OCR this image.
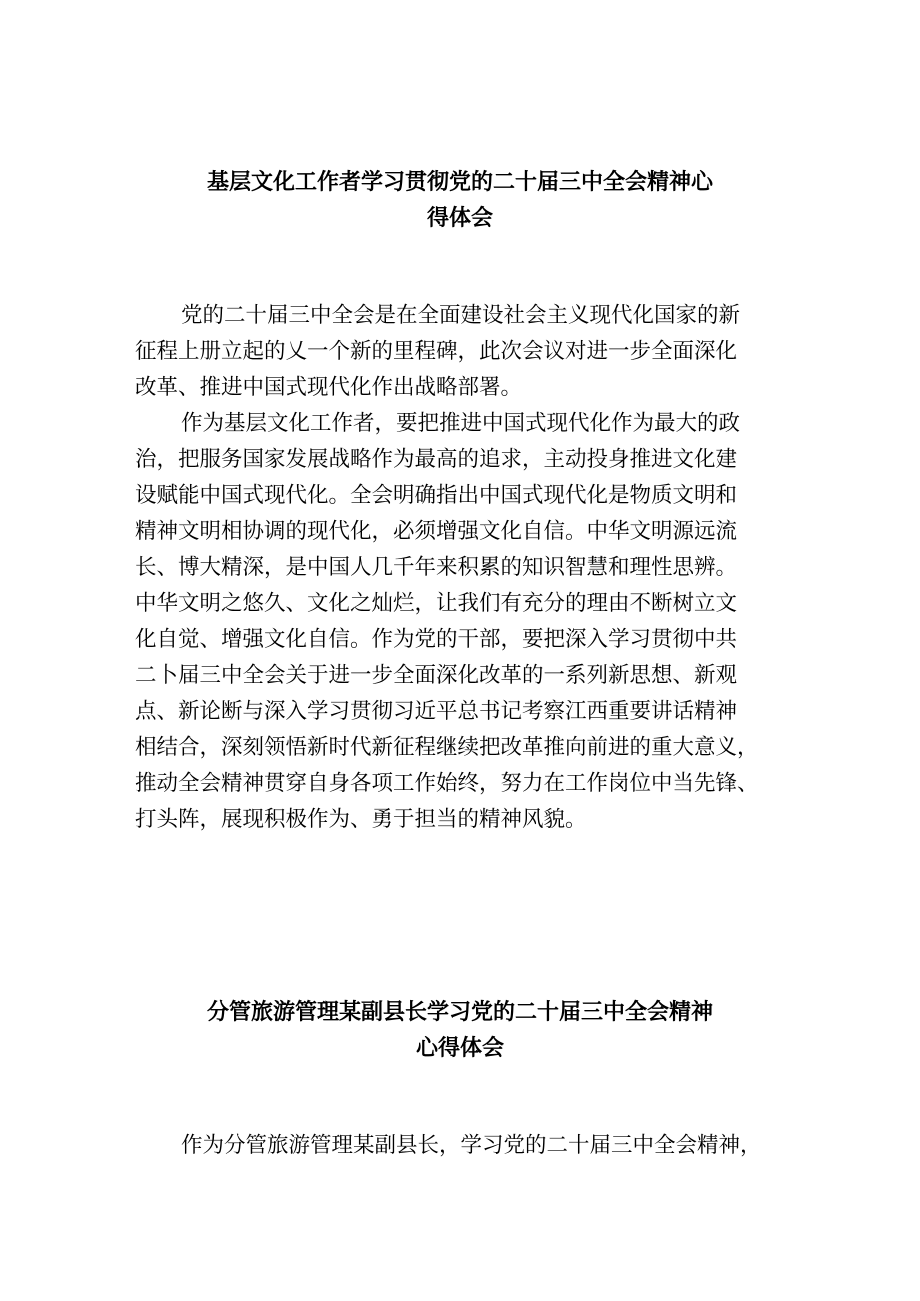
基层文化工作者学习贯彻党的二十届三中全会精神心
得体会

党的二十届三中全会是在全面建设社会主义现代化国家的新
征程上册立起的乂一个新的里程碑，此次会议对进一步全面深化
改革、推进中国式现代化作出战略部署。

作为基层文化工作者，要把推进中国式现代化作为最大的政
治，把服务国家发展战略作为最高的追求，主动投身推进文化建
设赋能中国式现代化。全会明确指出中国式现代化是物质文明和
精神文明相协调的现代化，必须增强文化自信。中华文明源远流
长、博大精深，是中国人几千年来积累的知识智慧和理性思辨。
中华文明之悠久、文化之灿烂，让我们有充分的理由不断树立文
化自觉、增强文化自信。作为党的干部，要把深入学习贯彻中共
二卜届三中全会关于进一步全面深化改革的一系列新思想、新观
点、新论断与深入学习贯彻习近平总书记考察江西重要讲话精神
相结合，深刻领悟新时代新征程继续把改革推向前进的重大意义，
推动全会精神贯穿自身各项工作始终，努力在工作岗位中当先锋、
打头阵，展现积极作为、勇于担当的精神风貌。

分管旅游管理某副县长学习党的二十届三中全会精神
心得体会

作为分管旅游管理某副县长，学习党的二十届三中全会精神，
